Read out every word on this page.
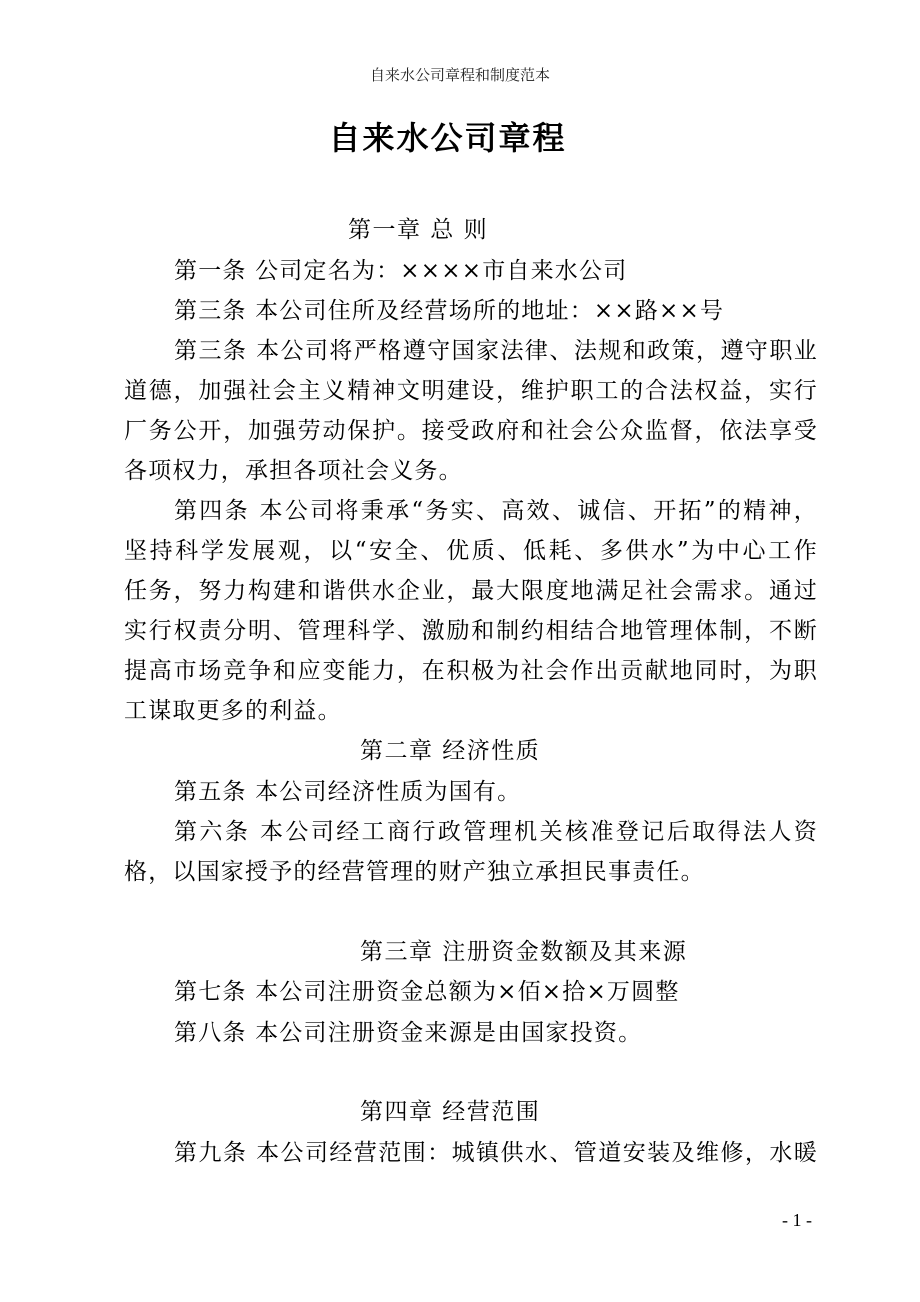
自来水公司章程和制度范本
自来水公司章程
第一章 总 则
第一条 公司定名为：××××市自来水公司
第三条 本公司住所及经营场所的地址：××路××号
第三条 本公司将严格遵守国家法律、法规和政策，遵守职业
道德，加强社会主义精神文明建设，维护职工的合法权益，实行
厂务公开，加强劳动保护。接受政府和社会公众监督，依法享受
各项权力，承担各项社会义务。
第四条 本公司将秉承“务实、高效、诚信、开拓”的精神，
坚持科学发展观，以“安全、优质、低耗、多供水”为中心工作
任务，努力构建和谐供水企业，最大限度地满足社会需求。通过
实行权责分明、管理科学、激励和制约相结合地管理体制，不断
提高市场竞争和应变能力，在积极为社会作出贡献地同时，为职
工谋取更多的利益。
第二章 经济性质
第五条 本公司经济性质为国有。
第六条 本公司经工商行政管理机关核准登记后取得法人资
格，以国家授予的经营管理的财产独立承担民事责任。
第三章 注册资金数额及其来源
第七条 本公司注册资金总额为×佰×拾×万圆整
第八条 本公司注册资金来源是由国家投资。
第四章 经营范围
第九条 本公司经营范围：城镇供水、管道安装及维修，水暖
- 1 -
